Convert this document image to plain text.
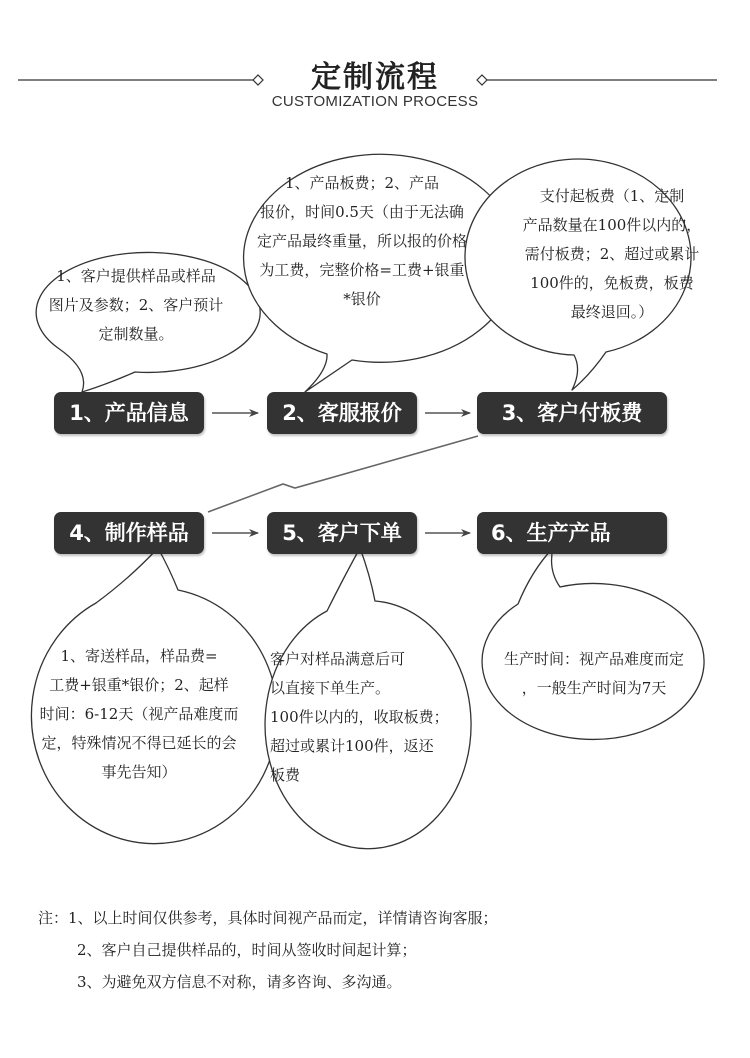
定制流程
CUSTOMIZATION PROCESS
1、产品信息	2、客服报价	3、客户付板费
4、制作样品	5、客户下单	6、生产产品
1、客户提供样品或样品
图片及参数；2、客户预计
定制数量。
1、产品板费；2、产品
报价，时间0.5天（由于无法确
定产品最终重量，所以报的价格
为工费，完整价格=工费+银重
*银价
支付起板费（1、定制
产品数量在100件以内的，
需付板费；2、超过或累计
100件的，免板费，板费
最终退回。）
1、寄送样品，样品费=
工费+银重*银价；2、起样
时间：6-12天（视产品难度而
定，特殊情况不得已延长的会
事先告知）
客户对样品满意后可
以直接下单生产。
100件以内的，收取板费；
超过或累计100件，返还
板费
生产时间：视产品难度而定
，一般生产时间为7天
注：1、以上时间仅供参考，具体时间视产品而定，详情请咨询客服；
2、客户自己提供样品的，时间从签收时间起计算；
3、为避免双方信息不对称，请多咨询、多沟通。
